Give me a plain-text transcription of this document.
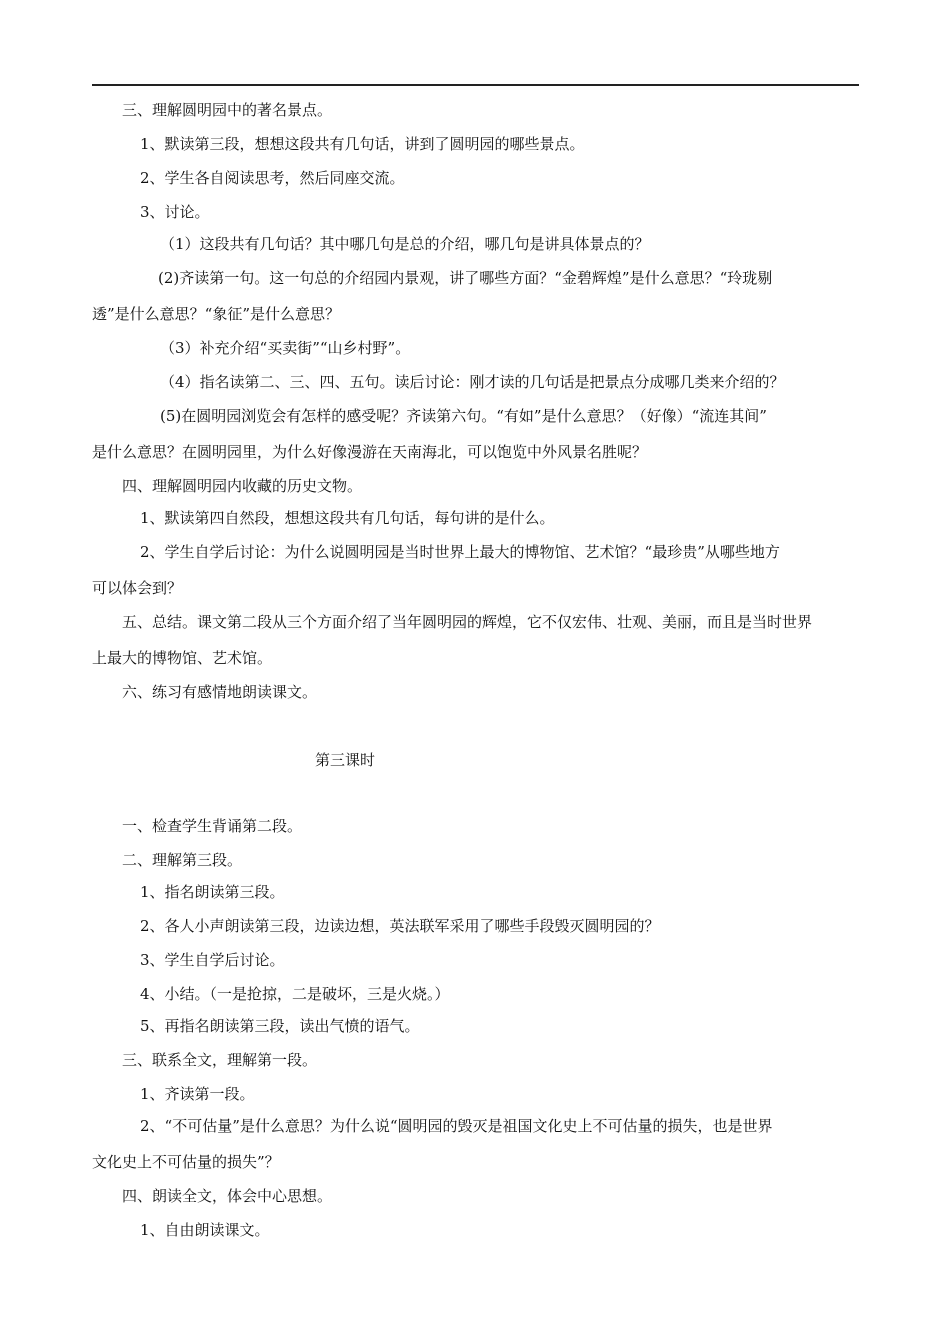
三、理解圆明园中的著名景点。
1、默读第三段，想想这段共有几句话，讲到了圆明园的哪些景点。
2、学生各自阅读思考，然后同座交流。
3、讨论。
（1）这段共有几句话？其中哪几句是总的介绍，哪几句是讲具体景点的？
(2)齐读第一句。这一句总的介绍园内景观，讲了哪些方面？“金碧辉煌”是什么意思？“玲珑剔
透”是什么意思？“象征”是什么意思？
（3）补充介绍“买卖街”“山乡村野”。
（4）指名读第二、三、四、五句。读后讨论：刚才读的几句话是把景点分成哪几类来介绍的？
(5)在圆明园浏览会有怎样的感受呢？齐读第六句。“有如”是什么意思？（好像）“流连其间”
是什么意思？在圆明园里，为什么好像漫游在天南海北，可以饱览中外风景名胜呢？
四、理解圆明园内收藏的历史文物。
1、默读第四自然段，想想这段共有几句话，每句讲的是什么。
2、学生自学后讨论：为什么说圆明园是当时世界上最大的博物馆、艺术馆？“最珍贵”从哪些地方
可以体会到？
五、总结。课文第二段从三个方面介绍了当年圆明园的辉煌，它不仅宏伟、壮观、美丽，而且是当时世界
上最大的博物馆、艺术馆。
六、练习有感情地朗读课文。
第三课时
一、检查学生背诵第二段。
二、理解第三段。
1、指名朗读第三段。
2、各人小声朗读第三段，边读边想，英法联军采用了哪些手段毁灭圆明园的？
3、学生自学后讨论。
4、小结。（一是抢掠，二是破坏，三是火烧。）
5、再指名朗读第三段，读出气愤的语气。
三、联系全文，理解第一段。
1、齐读第一段。
2、“不可估量”是什么意思？为什么说“圆明园的毁灭是祖国文化史上不可估量的损失，也是世界
文化史上不可估量的损失”？
四、朗读全文，体会中心思想。
1、自由朗读课文。
